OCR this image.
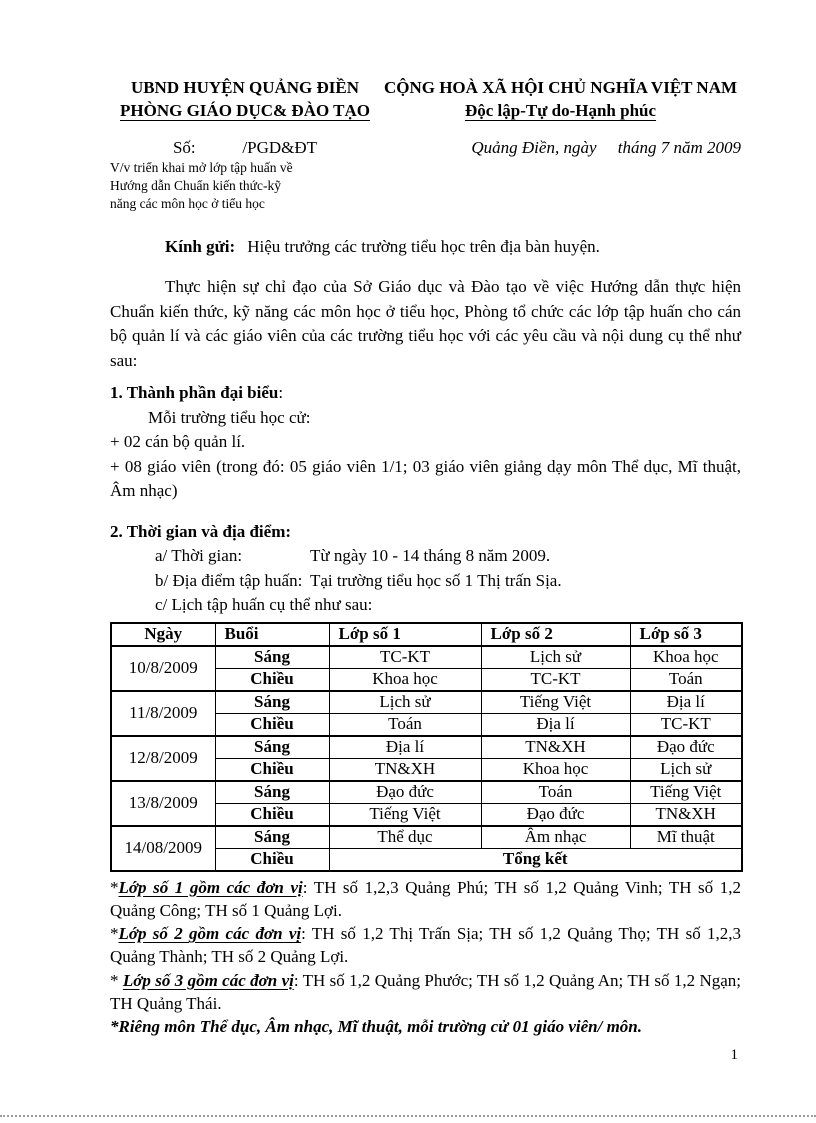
UBND HUYỆN QUẢNG ĐIỀN	CỘNG HOÀ XÃ HỘI CHỦ NGHĨA VIỆT NAM
PHÒNG GIÁO DỤC& ĐÀO TẠO	Độc lập-Tự do-Hạnh phúc
Số:           /PGD&ĐT	Quảng Điền, ngày     tháng 7 năm 2009
V/v triển khai mở lớp tập huấn về
Hướng dẫn Chuẩn kiến thức-kỹ
năng các môn học ở tiểu học
Kính gửi: Hiệu trưởng các trường tiểu học trên địa bàn huyện.
Thực hiện sự chỉ đạo của Sở Giáo dục và Đào tạo về việc Hướng dẫn thực hiện Chuẩn kiến thức, kỹ năng các môn học ở tiểu học, Phòng tổ chức các lớp tập huấn cho cán bộ quản lí và các giáo viên của các trường tiểu học với các yêu cầu và nội dung cụ thể như sau:
1. Thành phần đại biểu:
Mỗi trường tiểu học cử:
+ 02 cán bộ quản lí.
+ 08 giáo viên (trong đó: 05 giáo viên 1/1; 03 giáo viên giảng dạy môn Thể dục, Mĩ thuật, Âm nhạc)
2. Thời gian và địa điểm:
a/ Thời gian:	Từ ngày 10 - 14 tháng 8 năm 2009.
b/ Địa điểm tập huấn: Tại trường tiểu học số 1 Thị trấn Sịa.
c/ Lịch tập huấn cụ thể như sau:
Ngày	Buổi	Lớp số 1	Lớp số 2	Lớp số 3
10/8/2009	Sáng	TC-KT	Lịch sử	Khoa học
	Chiều	Khoa học	TC-KT	Toán
11/8/2009	Sáng	Lịch sử	Tiếng Việt	Địa lí
	Chiều	Toán	Địa lí	TC-KT
12/8/2009	Sáng	Địa lí	TN&XH	Đạo đức
	Chiều	TN&XH	Khoa học	Lịch sử
13/8/2009	Sáng	Đạo đức	Toán	Tiếng Việt
	Chiều	Tiếng Việt	Đạo đức	TN&XH
14/08/2009	Sáng	Thể dục	Âm nhạc	Mĩ thuật
	Chiều	Tổng kết		
*Lớp số 1 gồm các đơn vị: TH số 1,2,3 Quảng Phú; TH số 1,2 Quảng Vinh; TH số 1,2 Quảng Công; TH số 1 Quảng Lợi.
*Lớp số 2 gồm các đơn vị: TH số 1,2 Thị Trấn Sịa; TH số 1,2 Quảng Thọ; TH số 1,2,3 Quảng Thành; TH số 2 Quảng Lợi.
* Lớp số 3 gồm các đơn vị: TH số 1,2 Quảng Phước; TH số 1,2 Quảng An; TH số 1,2 Ngạn; TH Quảng Thái.
*Riêng môn Thể dục, Âm nhạc, Mĩ thuật, mỗi trường cử 01 giáo viên/ môn.
1
